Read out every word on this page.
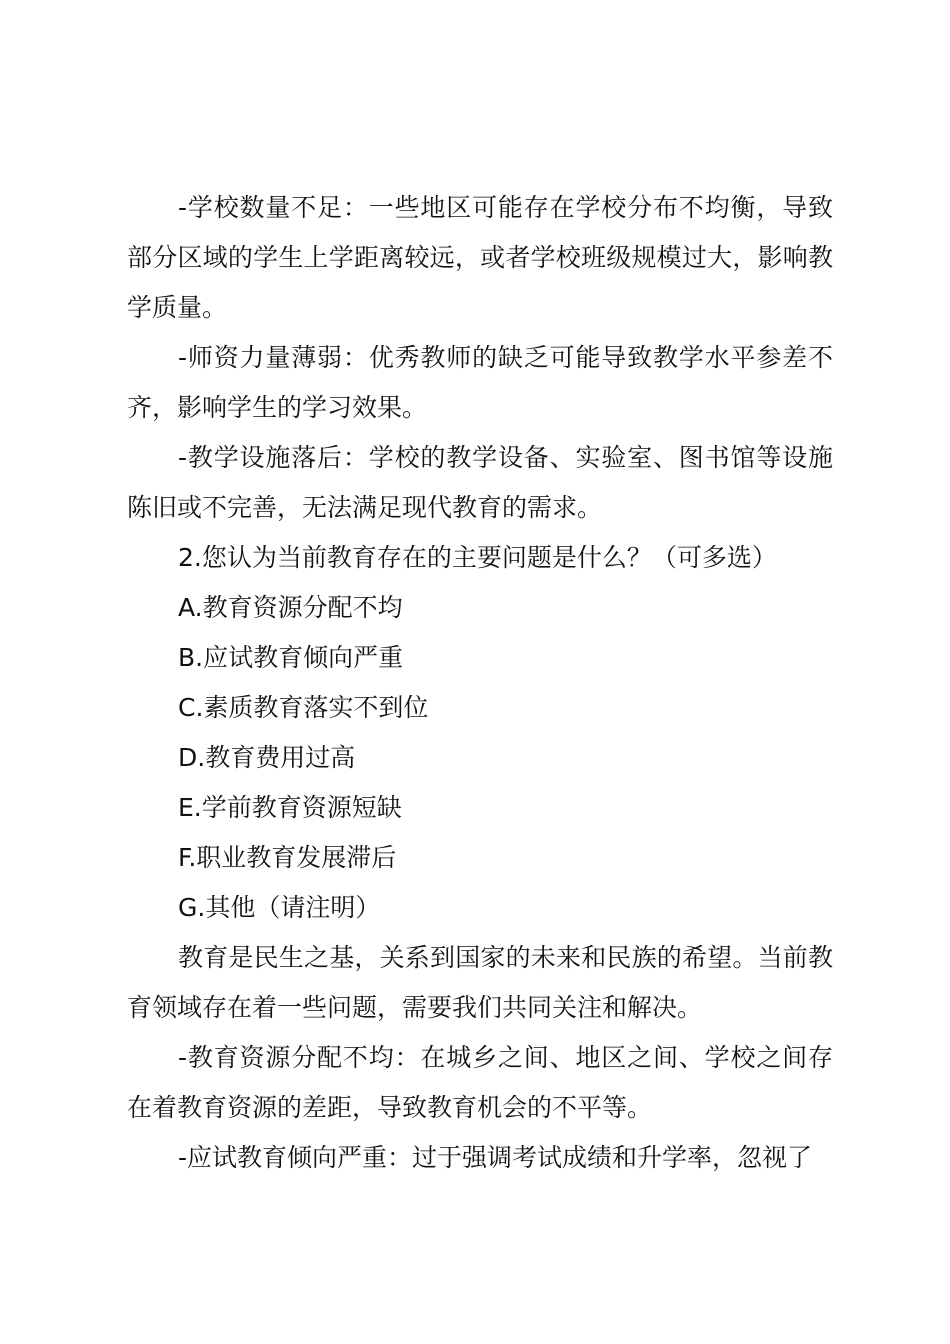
-学校数量不足：一些地区可能存在学校分布不均衡，导致部分区域的学生上学距离较远，或者学校班级规模过大，影响教学质量。

-师资力量薄弱：优秀教师的缺乏可能导致教学水平参差不齐，影响学生的学习效果。

-教学设施落后：学校的教学设备、实验室、图书馆等设施陈旧或不完善，无法满足现代教育的需求。

2.您认为当前教育存在的主要问题是什么？（可多选）

A.教育资源分配不均

B.应试教育倾向严重

C.素质教育落实不到位

D.教育费用过高

E.学前教育资源短缺

F.职业教育发展滞后

G.其他（请注明）

教育是民生之基，关系到国家的未来和民族的希望。当前教育领域存在着一些问题，需要我们共同关注和解决。

-教育资源分配不均：在城乡之间、地区之间、学校之间存在着教育资源的差距，导致教育机会的不平等。

-应试教育倾向严重：过于强调考试成绩和升学率，忽视了
